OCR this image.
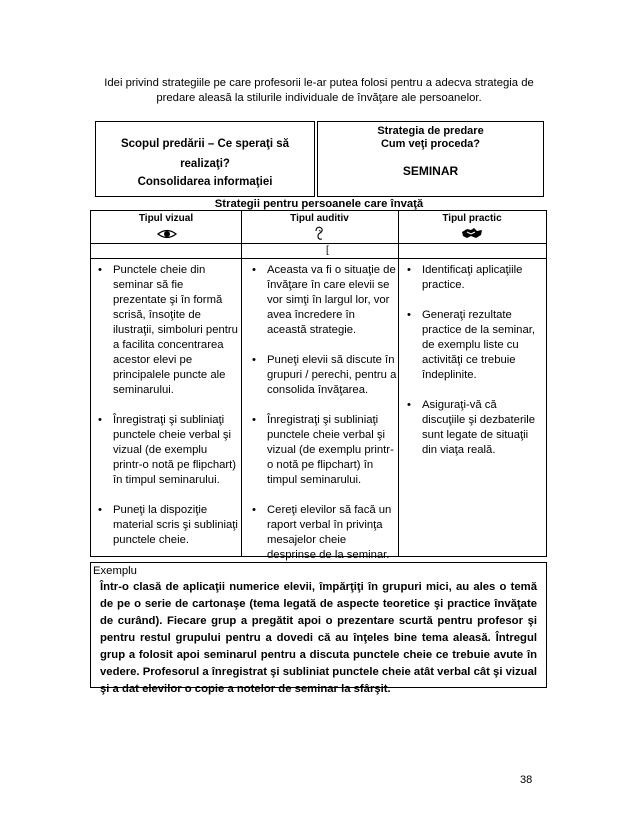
Idei privind strategiile pe care profesorii le-ar putea folosi pentru a adecva strategia de predare aleasă la stilurile individuale de învăţare ale persoanelor.
Scopul predării – Ce speraţi să
realizaţi?
Consolidarea informaţiei
Strategia de predare
Cum veţi proceda?
SEMINAR
Strategii pentru persoanele care învaţă
Tipul vizual	Tipul auditiv	Tipul practic
[
• Punctele cheie din seminar să fie prezentate şi în formă scrisă, însoţite de ilustraţii, simboluri pentru a facilita concentrarea acestor elevi pe principalele puncte ale seminarului.
• Înregistraţi şi subliniaţi punctele cheie verbal şi vizual (de exemplu printr-o notă pe flipchart) în timpul seminarului.
• Puneţi la dispoziţie material scris şi subliniaţi punctele cheie.
• Aceasta va fi o situaţie de învăţare în care elevii se vor simţi în largul lor, vor avea încredere în această strategie.
• Puneţi elevii să discute în grupuri / perechi, pentru a consolida învăţarea.
• Înregistraţi şi subliniaţi punctele cheie verbal şi vizual (de exemplu printr-o notă pe flipchart) în timpul seminarului.
• Cereţi elevilor să facă un raport verbal în privinţa mesajelor cheie desprinse de la seminar.
• Identificaţi aplicaţiile practice.
• Generaţi rezultate practice de la seminar, de exemplu liste cu activităţi ce trebuie îndeplinite.
• Asiguraţi-vă că discuţiile şi dezbaterile sunt legate de situaţii din viaţa reală.
Exemplu
Într-o clasă de aplicaţii numerice elevii, împărţiţi în grupuri mici, au ales o temă de pe o serie de cartonaşe (tema legată de aspecte teoretice şi practice învăţate de curând). Fiecare grup a pregătit apoi o prezentare scurtă pentru profesor şi pentru restul grupului pentru a dovedi că au înţeles bine tema aleasă. Întregul grup a folosit apoi seminarul pentru a discuta punctele cheie ce trebuie avute în vedere. Profesorul a înregistrat şi subliniat punctele cheie atât verbal cât şi vizual şi a dat elevilor o copie a notelor de seminar la sfârşit.
38
